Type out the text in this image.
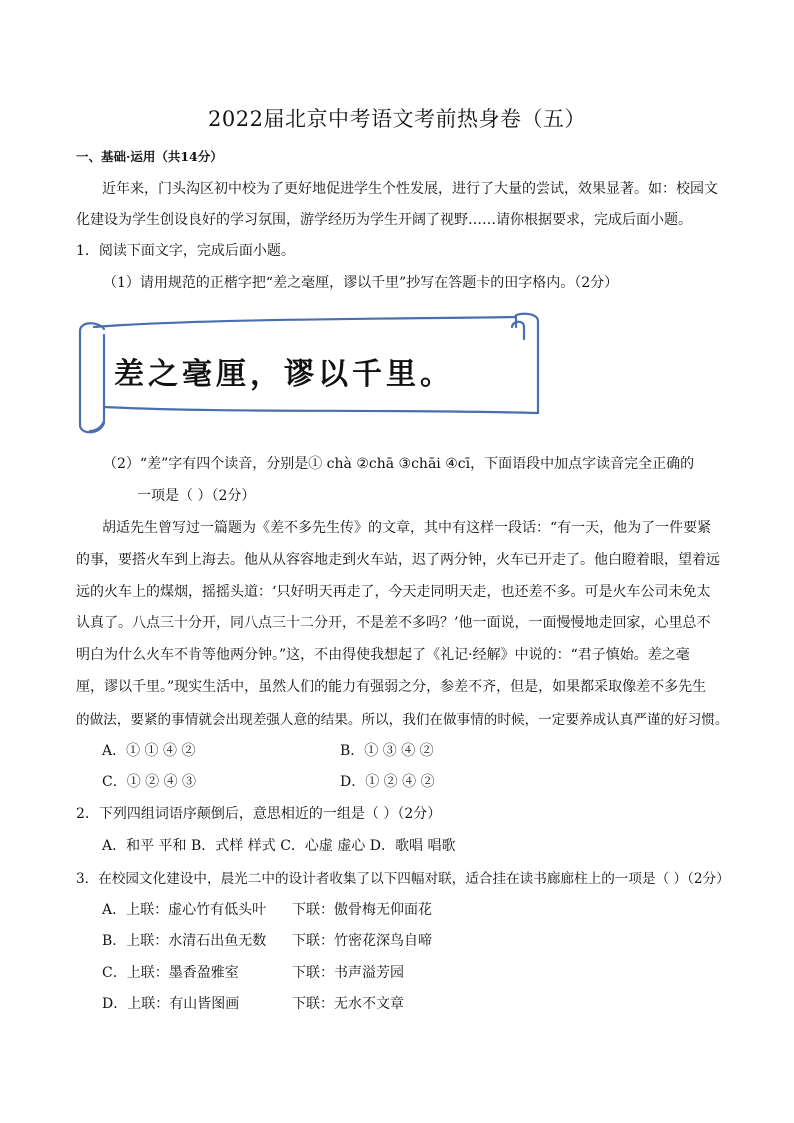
2022届北京中考语文考前热身卷（五）
一、基础·运用（共14分）
近年来，门头沟区初中校为了更好地促进学生个性发展，进行了大量的尝试，效果显著。如：校园文
化建设为学生创设良好的学习氛围，游学经历为学生开阔了视野……请你根据要求，完成后面小题。
1．阅读下面文字，完成后面小题。
（1）请用规范的正楷字把“差之毫厘，谬以千里”抄写在答题卡的田字格内。（2分）
差之毫厘，谬以千里。
（2）“差”字有四个读音，分别是① chà ②chā ③chāi ④cī，下面语段中加点字读音完全正确的
一项是（ ）（2分）
胡适先生曾写过一篇题为《差不多先生传》的文章，其中有这样一段话：“有一天，他为了一件要紧
的事，要搭火车到上海去。他从从容容地走到火车站，迟了两分钟，火车已开走了。他白瞪着眼，望着远
远的火车上的煤烟，摇摇头道：‘只好明天再走了，今天走同明天走，也还差不多。可是火车公司未免太
认真了。八点三十分开，同八点三十二分开，不是差不多吗？’他一面说，一面慢慢地走回家，心里总不
明白为什么火车不肯等他两分钟。”这，不由得使我想起了《礼记·经解》中说的：“君子慎始。差之毫
厘，谬以千里。”现实生活中，虽然人们的能力有强弱之分，参差不齐，但是，如果都采取像差不多先生
的做法，要紧的事情就会出现差强人意的结果。所以，我们在做事情的时候，一定要养成认真严谨的好习惯。
A．① ① ④ ②	B．① ③ ④ ②
C．① ② ④ ③	D．① ② ④ ②
2．下列四组词语序颠倒后，意思相近的一组是（ ）（2分）
A．和平 平和 B．式样 样式 C．心虚 虚心 D．歌唱 唱歌
3．在校园文化建设中，晨光二中的设计者收集了以下四幅对联，适合挂在读书廊廊柱上的一项是（ ）（2分）
A．上联：虚心竹有低头叶 下联：傲骨梅无仰面花
B．上联：水清石出鱼无数 下联：竹密花深鸟自啼
C．上联：墨香盈雅室	下联：书声溢芳园
D．上联：有山皆图画	下联：无水不文章
